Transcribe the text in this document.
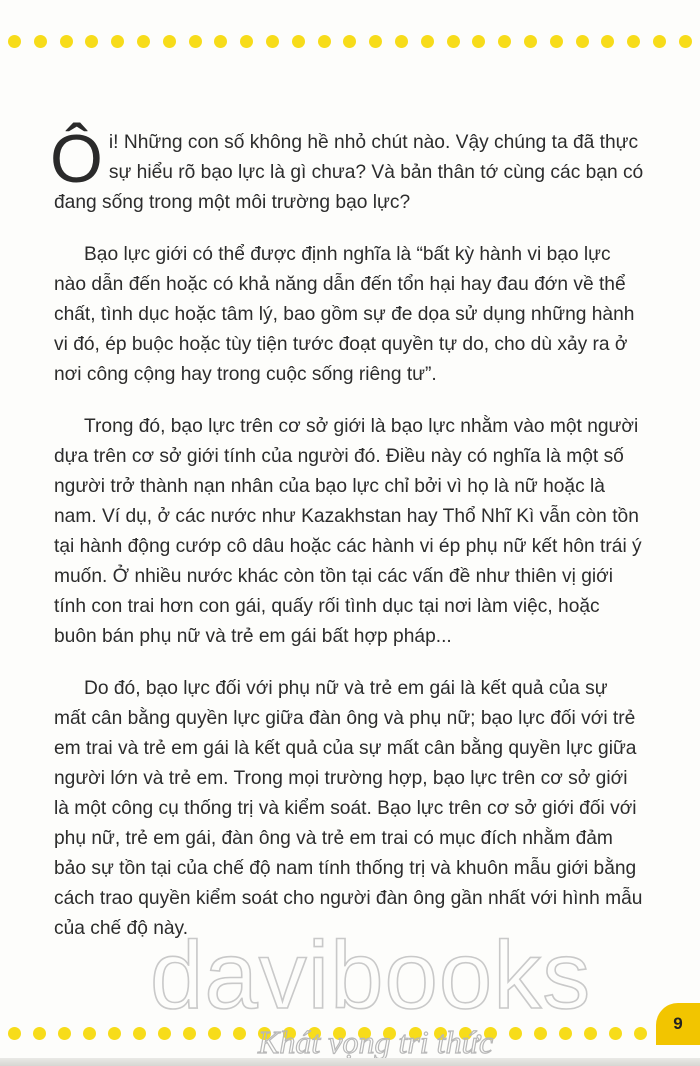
Ôi! Những con số không hề nhỏ chút nào. Vậy chúng ta đã thực sự hiểu rõ bạo lực là gì chưa? Và bản thân tớ cùng các bạn có đang sống trong một môi trường bạo lực?

Bạo lực giới có thể được định nghĩa là “bất kỳ hành vi bạo lực nào dẫn đến hoặc có khả năng dẫn đến tổn hại hay đau đớn về thể chất, tình dục hoặc tâm lý, bao gồm sự đe dọa sử dụng những hành vi đó, ép buộc hoặc tùy tiện tước đoạt quyền tự do, cho dù xảy ra ở nơi công cộng hay trong cuộc sống riêng tư”.

Trong đó, bạo lực trên cơ sở giới là bạo lực nhằm vào một người dựa trên cơ sở giới tính của người đó. Điều này có nghĩa là một số người trở thành nạn nhân của bạo lực chỉ bởi vì họ là nữ hoặc là nam. Ví dụ, ở các nước như Kazakhstan hay Thổ Nhĩ Kì vẫn còn tồn tại hành động cướp cô dâu hoặc các hành vi ép phụ nữ kết hôn trái ý muốn. Ở nhiều nước khác còn tồn tại các vấn đề như thiên vị giới tính con trai hơn con gái, quấy rối tình dục tại nơi làm việc, hoặc buôn bán phụ nữ và trẻ em gái bất hợp pháp...

Do đó, bạo lực đối với phụ nữ và trẻ em gái là kết quả của sự mất cân bằng quyền lực giữa đàn ông và phụ nữ; bạo lực đối với trẻ em trai và trẻ em gái là kết quả của sự mất cân bằng quyền lực giữa người lớn và trẻ em. Trong mọi trường hợp, bạo lực trên cơ sở giới là một công cụ thống trị và kiểm soát. Bạo lực trên cơ sở giới đối với phụ nữ, trẻ em gái, đàn ông và trẻ em trai có mục đích nhằm đảm bảo sự tồn tại của chế độ nam tính thống trị và khuôn mẫu giới bằng cách trao quyền kiểm soát cho người đàn ông gần nhất với hình mẫu của chế độ này.

davibooks
Khát vọng tri thức
9
